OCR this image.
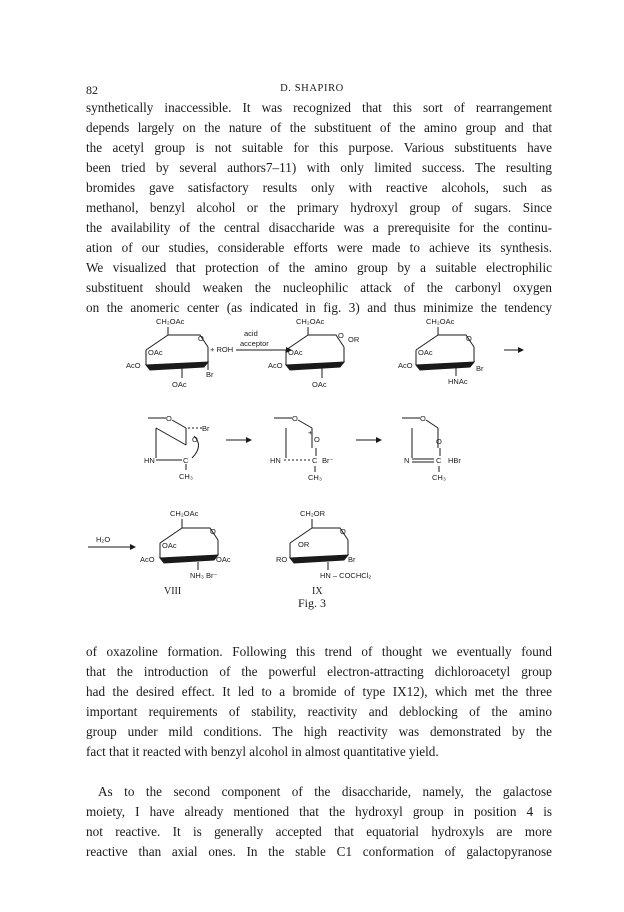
82	D. SHAPIRO

synthetically inaccessible. It was recognized that this sort of rearrangement
depends largely on the nature of the substituent of the amino group and that
the acetyl group is not suitable for this purpose. Various substituents have
been tried by several authors7–11) with only limited success. The resulting
bromides gave satisfactory results only with reactive alcohols, such as
methanol, benzyl alcohol or the primary hydroxyl group of sugars. Since
the availability of the central disaccharide was a prerequisite for the continu-
ation of our studies, considerable efforts were made to achieve its synthesis.
We visualized that protection of the amino group by a suitable electrophilic
substituent should weaken the nucleophilic attack of the carbonyl oxygen
on the anomeric center (as indicated in fig. 3) and thus minimize the tendency

CH₂OAc
O
OAc
AcO
Br
OAc
+ ROH
acid
acceptor
CH₂OAc
O OR
OAc
AcO
OAc
CH₂OAc
O
OAc
AcO	Br
HNAc
O
Br
O
HN	C
CH₃
O
O
+
HN	C Br⁻
CH₃
O
O
N	C HBr
CH₃
H₂O
CH₂OAc
O
OAc
AcO	OAc
NH₃ Br⁻
VIII
CH₂OR
O
OR
RO	Br
HN – COCHCl₂
IX
Fig. 3

of oxazoline formation. Following this trend of thought we eventually found
that the introduction of the powerful electron-attracting dichloroacetyl group
had the desired effect. It led to a bromide of type IX12), which met the three
important requirements of stability, reactivity and deblocking of the amino
group under mild conditions. The high reactivity was demonstrated by the
fact that it reacted with benzyl alcohol in almost quantitative yield.

As to the second component of the disaccharide, namely, the galactose
moiety, I have already mentioned that the hydroxyl group in position 4 is
not reactive. It is generally accepted that equatorial hydroxyls are more
reactive than axial ones. In the stable C1 conformation of galactopyranose
